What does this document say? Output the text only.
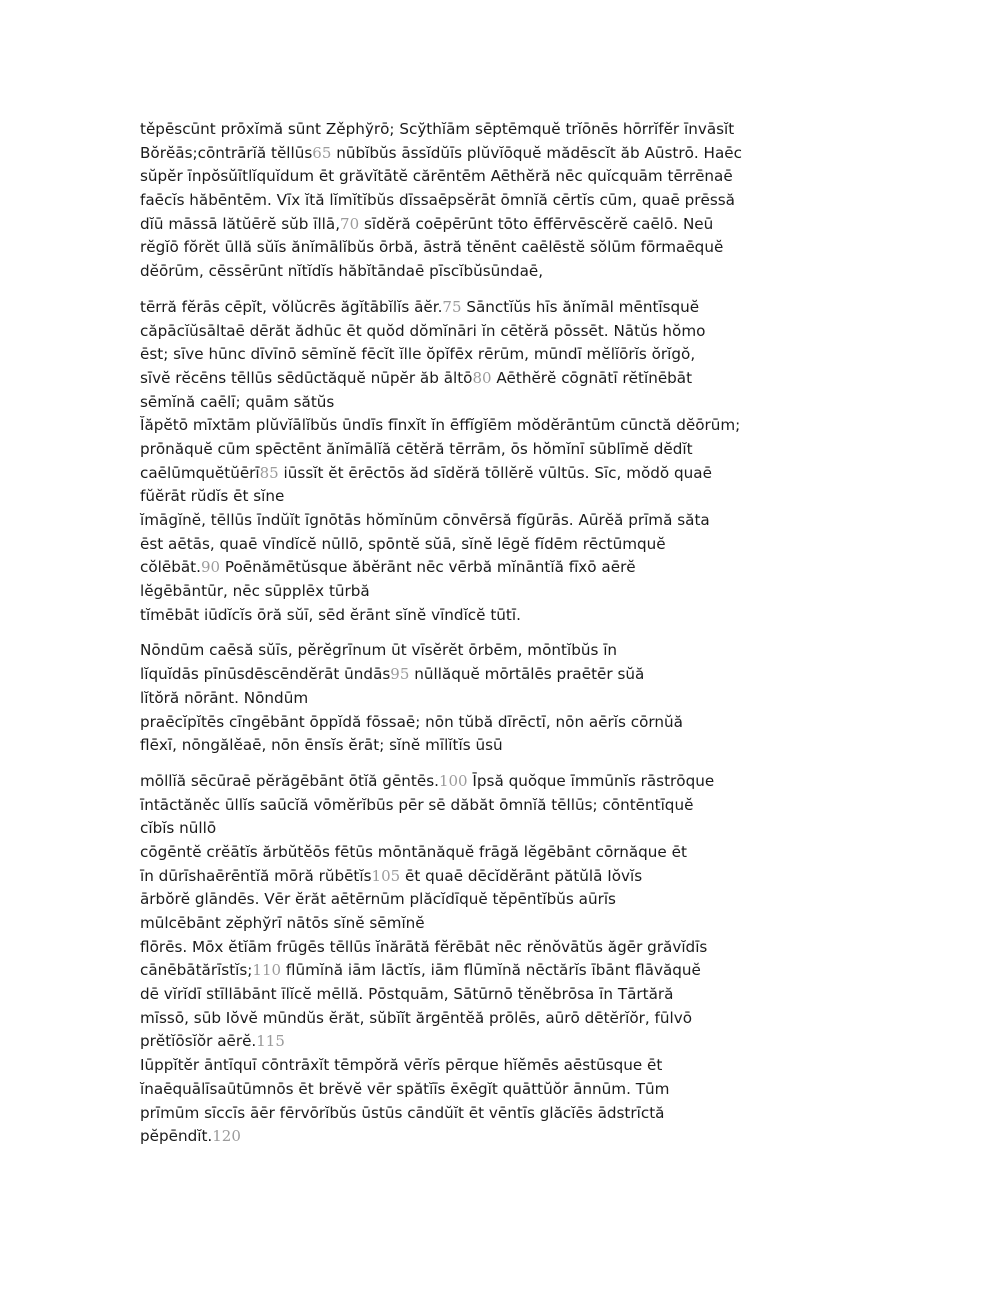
těpēscūnt prōxĭmă sūnt Zěphўrō; Scўthĭām sēptēmquĕ trĭōnēs hōrrĭfĕr īnvāsĭt
Bŏrĕās;cōntrārĭă tĕllūs65 nūbĭbŭs āssĭdŭīs plŭvĭōquĕ mădēscĭt ăb Aūstrō. Haēc
sŭpĕr īnpŏsŭītlĭquĭdum ēt grăvĭtātĕ cărēntēm Aēthĕră nēc quĭcquām tērrēnaē
faēcĭs hăbēntēm. Vīx ĭtă lĭmĭtĭbŭs dīssaēpsĕrāt ōmnĭă cērtĭs cūm, quaē prēssă
dĭū māssā lătŭērĕ sŭb īllā,70 sīdĕră coēpērūnt tōto ēffērvēscĕrĕ caēlō. Neū
rĕgĭō fŏrĕt ūllă sŭĭs ănĭmālĭbŭs ōrbă, āstră tĕnēnt caēlēstĕ sŏlūm fōrmaēquĕ
dĕōrūm, cēssērūnt nĭtĭdĭs hăbĭtāndaē pīscĭbŭsūndaē,
tērră fĕrās cēpĭt, vŏlŭcrēs ăgĭtābĭlĭs āĕr.75 Sānctĭŭs hīs ănĭmāl mēntīsquĕ
căpācĭŭsāltaē dērăt ădhūc ēt quŏd dŏmĭnāri ĭn cētĕră pōssēt. Nātŭs hŏmo
ēst; sīve hūnc dīvīnō sēmĭnĕ fēcĭt ĭlle ŏpĭfēx rērūm, mūndī mĕlĭōrĭs ŏrĭgŏ,
sīvĕ rĕcēns tēllūs sēdūctăquĕ nūpĕr ăb āltō80 Aēthĕrĕ cōgnātī rĕtĭnēbāt
sēmĭnă caēlī; quām sătŭs
Ĭăpĕtō mīxtām plŭvĭālĭbŭs ūndīs fīnxĭt ĭn ēffĭgĭēm mŏdĕrāntūm cūnctă dĕōrūm;
prōnăquĕ cūm spēctēnt ănĭmālĭă cētĕră tērrām, ōs hŏmĭnī sūblīmĕ dĕdĭt
caēlūmquĕtŭērī85 iūssĭt ĕt ērēctōs ăd sīdĕră tōllĕrĕ vūltūs. Sīc, mŏdŏ quaē
fŭĕrāt rŭdĭs ēt sĭne
ĭmāgĭnĕ, tēllūs īndŭĭt īgnōtās hŏmĭnūm cōnvērsă fĭgūrās. Aūrĕă prīmă săta
ēst aētās, quaē vīndĭcĕ nūllō, spōntĕ sŭā, sĭnĕ lēgĕ fĭdēm rēctūmquĕ
cŏlēbāt.90 Poēnămētŭsque ăbĕrānt nēc vērbă mĭnāntĭă fīxō aērĕ
lĕgēbāntūr, nēc sūpplēx tūrbă
tĭmēbāt iūdĭcĭs ōră sŭī, sēd ĕrānt sĭnĕ vīndĭcĕ tūtī.
Nōndūm caēsă sŭīs, pĕrĕgrīnum ūt vīsĕrĕt ōrbēm, mōntĭbŭs īn
lĭquĭdās pīnūsdēscēndĕrāt ūndās95 nūllăquĕ mōrtālēs praētēr sŭă
lĭtŏră nōrānt. Nōndūm
praēcĭpĭtēs cīngēbānt ōppĭdă fōssaē; nōn tŭbă dīrēctī, nōn aērĭs cōrnŭă
flēxī, nōngălĕaē, nōn ēnsĭs ĕrāt; sĭnĕ mīlĭtĭs ūsū
mōllĭă sēcūraē pĕrăgēbānt ōtĭă gēntēs.100 Īpsă quŏque īmmūnĭs rāstrōque
īntāctăněc ūllĭs saūcĭă vōmĕrĭbūs pēr sē dăbăt ōmnĭă tēllūs; cōntēntīquĕ
cĭbĭs nūllō
cōgēntĕ crĕātĭs ărbŭtĕōs fētūs mōntānăquĕ frāgă lĕgēbānt cōrnăque ēt
īn dūrīshaērēntĭă mōră rŭbētĭs105 ēt quaē dēcĭdĕrānt pătŭlā Iŏvĭs
ārbŏrĕ glāndēs. Vēr ĕrăt aētērnūm plăcĭdīquĕ tĕpēntĭbŭs aūrīs
mūlcēbānt zĕphўrī nātōs sĭnĕ sēmĭnĕ
flōrēs. Mōx ĕtĭām frūgēs tēllūs ĭnărātă fĕrēbāt nēc rĕnŏvātŭs ăgēr grăvĭdīs
cānēbātărīstĭs;110 flūmĭnă iām lāctĭs, iām flūmĭnă nēctărĭs ībānt flāvăquĕ
dē vĭrĭdī stīllābānt īlĭcĕ mēllă. Pōstquām, Sātūrnō tĕnĕbrōsa īn Tārtără
mīssō, sūb Iŏvĕ mūndŭs ĕrăt, sŭbĭĭt ărgēntĕă prōlēs, aūrō dētĕrĭŏr, fūlvō
prĕtĭōsĭŏr aērĕ.115
Iūppĭtĕr āntīquī cōntrāxĭt tēmpŏră vērĭs pērque hĭĕmēs aēstūsque ēt
ĭnaēquālīsaūtūmnōs ēt brĕvĕ vēr spătĭīs ēxēgĭt quāttŭŏr ānnūm. Tūm
prīmūm sīccīs āēr fērvōrĭbŭs ūstūs cāndŭĭt ēt vēntīs glăcĭēs ādstrīctă
pĕpēndĭt.120
